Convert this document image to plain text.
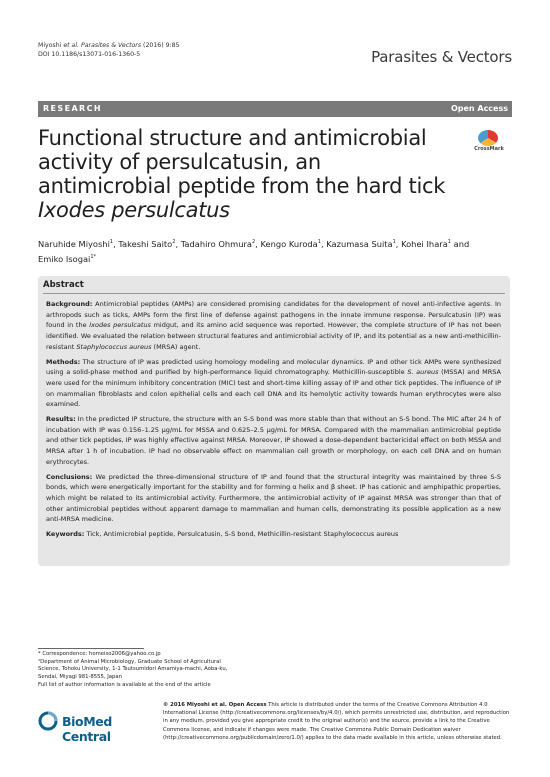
Miyoshi et al. Parasites & Vectors (2016) 9:85
DOI 10.1186/s13071-016-1360-5	Parasites & Vectors
RESEARCH	Open Access
CrossMark
Functional structure and antimicrobial activity of persulcatusin, an antimicrobial peptide from the hard tick Ixodes persulcatus
Naruhide Miyoshi$^1$, Takeshi Saito$^2$, Tadahiro Ohmura$^2$, Kengo Kuroda$^1$, Kazumasa Suita$^1$, Kohei Ihara$^1$ and Emiko Isogai$^{1*}$
Abstract

Background: Antimicrobial peptides (AMPs) are considered promising candidates for the development of novel anti-infective agents. In arthropods such as ticks, AMPs form the first line of defense against pathogens in the innate immune response. Persulcatusin (IP) was found in the Ixodes persulcatus midgut, and its amino acid sequence was reported. However, the complete structure of IP has not been identified. We evaluated the relation between structural features and antimicrobial activity of IP, and its potential as a new anti-methicillin-resistant Staphylococcus aureus (MRSA) agent.

Methods: The structure of IP was predicted using homology modeling and molecular dynamics. IP and other tick AMPs were synthesized using a solid-phase method and purified by high-performance liquid chromatography. Methicillin-susceptible S. aureus (MSSA) and MRSA were used for the minimum inhibitory concentration (MIC) test and short-time killing assay of IP and other tick peptides. The influence of IP on mammalian fibroblasts and colon epithelial cells and each cell DNA and its hemolytic activity towards human erythrocytes were also examined.

Results: In the predicted IP structure, the structure with an S-S bond was more stable than that without an S-S bond. The MIC after 24 h of incubation with IP was 0.156–1.25 μg/mL for MSSA and 0.625–2.5 μg/mL for MRSA. Compared with the mammalian antimicrobial peptide and other tick peptides, IP was highly effective against MRSA. Moreover, IP showed a dose-dependent bactericidal effect on both MSSA and MRSA after 1 h of incubation. IP had no observable effect on mammalian cell growth or morphology, on each cell DNA and on human erythrocytes.

Conclusions: We predicted the three-dimensional structure of IP and found that the structural integrity was maintained by three S-S bonds, which were energetically important for the stability and for forming α helix and β sheet. IP has cationic and amphipathic properties, which might be related to its antimicrobial activity. Furthermore, the antimicrobial activity of IP against MRSA was stronger than that of other antimicrobial peptides without apparent damage to mammalian and human cells, demonstrating its possible application as a new anti-MRSA medicine.

Keywords: Tick, Antimicrobial peptide, Persulcatusin, S-S bond, Methicillin-resistant Staphylococcus aureus

* Correspondence: homeiso2006@yahoo.co.jp
¹Department of Animal Microbiology, Graduate School of Agricultural
Science, Tohoku University, 1-1 Tsutsumidori Amamiya-machi, Aoba-ku,
Sendai, Miyagi 981-8555, Japan
Full list of author information is available at the end of the article
BioMed Central
© 2016 Miyoshi et al. Open Access This article is distributed under the terms of the Creative Commons Attribution 4.0 International License (http://creativecommons.org/licenses/by/4.0/), which permits unrestricted use, distribution, and reproduction in any medium, provided you give appropriate credit to the original author(s) and the source, provide a link to the Creative Commons license, and indicate if changes were made. The Creative Commons Public Domain Dedication waiver (http://creativecommons.org/publicdomain/zero/1.0/) applies to the data made available in this article, unless otherwise stated.
